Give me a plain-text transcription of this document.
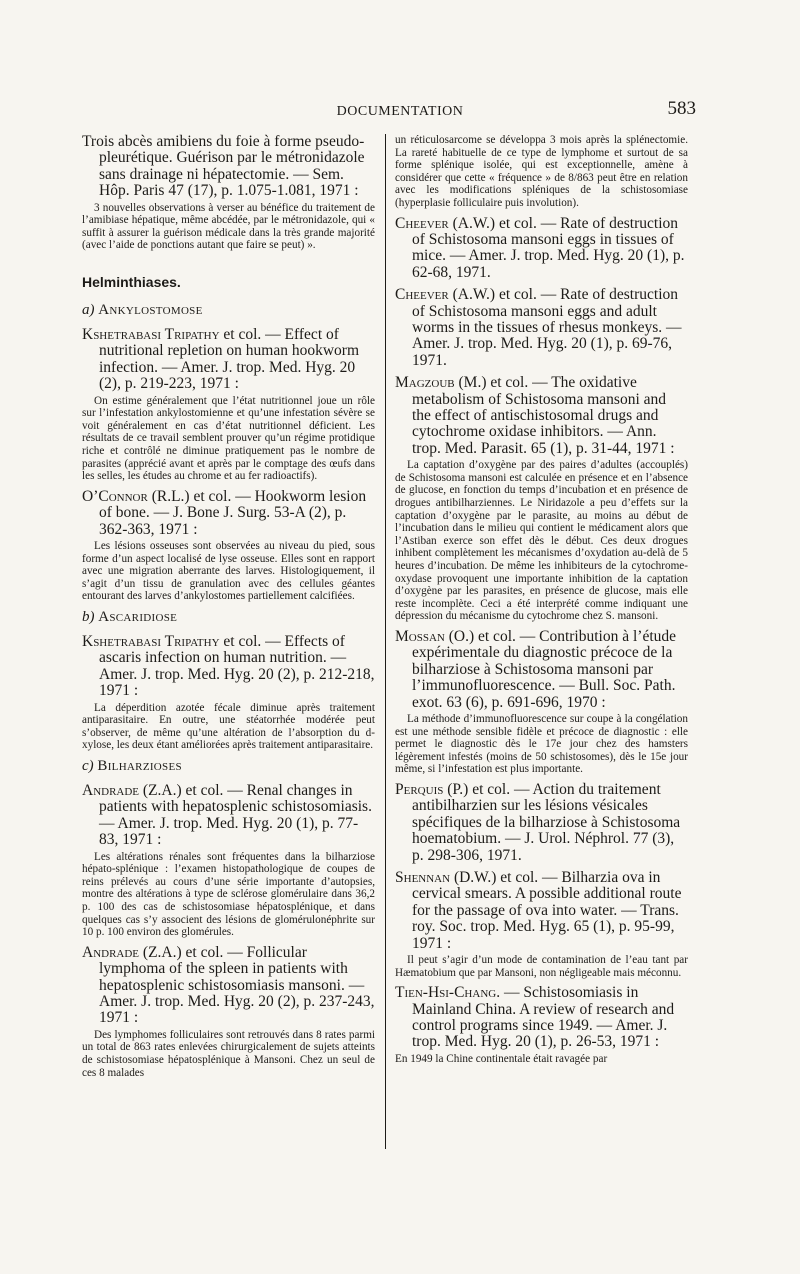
DOCUMENTATION	583

Trois abcès amibiens du foie à forme pseudo-pleurétique. Guérison par le métronidazole sans drainage ni hépatectomie. — Sem. Hôp. Paris 47 (17), p. 1.075-1.081, 1971 :

3 nouvelles observations à verser au bénéfice du traitement de l’amibiase hépatique, même abcédée, par le métronidazole, qui « suffit à assurer la guérison médicale dans la très grande majorité (avec l’aide de ponctions autant que faire se peut) ».

Helminthiases.
a) Ankylostomose

Kshetrabasi Tripathy et col. — Effect of nutritional repletion on human hookworm infection. — Amer. J. trop. Med. Hyg. 20 (2), p. 219-223, 1971 :

On estime généralement que l’état nutritionnel joue un rôle sur l’infestation ankylostomienne et qu’une infestation sévère se voit généralement en cas d’état nutritionnel déficient. Les résultats de ce travail semblent prouver qu’un régime protidique riche et contrôlé ne diminue pratiquement pas le nombre de parasites (apprécié avant et après par le comptage des œufs dans les selles, les études au chrome et au fer radioactifs).

O’Connor (R.L.) et col. — Hookworm lesion of bone. — J. Bone J. Surg. 53-A (2), p. 362-363, 1971 :

Les lésions osseuses sont observées au niveau du pied, sous forme d’un aspect localisé de lyse osseuse. Elles sont en rapport avec une migration aberrante des larves. Histologiquement, il s’agit d’un tissu de granulation avec des cellules géantes entourant des larves d’ankylostomes partiellement calcifiées.

b) Ascaridiose

Kshetrabasi Tripathy et col. — Effects of ascaris infection on human nutrition. — Amer. J. trop. Med. Hyg. 20 (2), p. 212-218, 1971 :

La déperdition azotée fécale diminue après traitement antiparasitaire. En outre, une stéatorrhée modérée peut s’observer, de même qu’une altération de l’absorption du d-xylose, les deux étant améliorées après traitement antiparasitaire.

c) Bilharzioses

Andrade (Z.A.) et col. — Renal changes in patients with hepatosplenic schistosomiasis. — Amer. J. trop. Med. Hyg. 20 (1), p. 77-83, 1971 :

Les altérations rénales sont fréquentes dans la bilharziose hépato-splénique : l’examen histopathologique de coupes de reins prélevés au cours d’une série importante d’autopsies, montre des altérations à type de sclérose glomérulaire dans 36,2 p. 100 des cas de schistosomiase hépatosplénique, et dans quelques cas s’y associent des lésions de glomérulonéphrite sur 10 p. 100 environ des glomérules.

Andrade (Z.A.) et col. — Follicular lymphoma of the spleen in patients with hepatosplenic schistosomiasis mansoni. — Amer. J. trop. Med. Hyg. 20 (2), p. 237-243, 1971 :

Des lymphomes folliculaires sont retrouvés dans 8 rates parmi un total de 863 rates enlevées chirurgicalement de sujets atteints de schistosomiase hépatosplénique à Mansoni. Chez un seul de ces 8 malades

un réticulosarcome se développa 3 mois après la splénectomie. La rareté habituelle de ce type de lymphome et surtout de sa forme splénique isolée, qui est exceptionnelle, amène à considérer que cette « fréquence » de 8/863 peut être en relation avec les modifications spléniques de la schistosomiase (hyperplasie folliculaire puis involution).

Cheever (A.W.) et col. — Rate of destruction of Schistosoma mansoni eggs in tissues of mice. — Amer. J. trop. Med. Hyg. 20 (1), p. 62-68, 1971.

Cheever (A.W.) et col. — Rate of destruction of Schistosoma mansoni eggs and adult worms in the tissues of rhesus monkeys. — Amer. J. trop. Med. Hyg. 20 (1), p. 69-76, 1971.

Magzoub (M.) et col. — The oxidative metabolism of Schistosoma mansoni and the effect of antischistosomal drugs and cytochrome oxidase inhibitors. — Ann. trop. Med. Parasit. 65 (1), p. 31-44, 1971 :

La captation d’oxygène par des paires d’adultes (accouplés) de Schistosoma mansoni est calculée en présence et en l’absence de glucose, en fonction du temps d’incubation et en présence de drogues antibilharziennes. Le Niridazole a peu d’effets sur la captation d’oxygène par le parasite, au moins au début de l’incubation dans le milieu qui contient le médicament alors que l’Astiban exerce son effet dès le début. Ces deux drogues inhibent complètement les mécanismes d’oxydation au-delà de 5 heures d’incubation. De même les inhibiteurs de la cytochrome-oxydase provoquent une importante inhibition de la captation d’oxygène par les parasites, en présence de glucose, mais elle reste incomplète. Ceci a été interprété comme indiquant une dépression du mécanisme du cytochrome chez S. mansoni.

Mossan (O.) et col. — Contribution à l’étude expérimentale du diagnostic précoce de la bilharziose à Schistosoma mansoni par l’immunofluorescence. — Bull. Soc. Path. exot. 63 (6), p. 691-696, 1970 :

La méthode d’immunofluorescence sur coupe à la congélation est une méthode sensible fidèle et précoce de diagnostic : elle permet le diagnostic dès le 17e jour chez des hamsters légèrement infestés (moins de 50 schistosomes), dès le 15e jour même, si l’infestation est plus importante.

Perquis (P.) et col. — Action du traitement antibilharzien sur les lésions vésicales spécifiques de la bilharziose à Schistosoma hoematobium. — J. Urol. Néphrol. 77 (3), p. 298-306, 1971.

Shennan (D.W.) et col. — Bilharzia ova in cervical smears. A possible additional route for the passage of ova into water. — Trans. roy. Soc. trop. Med. Hyg. 65 (1), p. 95-99, 1971 :

Il peut s’agir d’un mode de contamination de l’eau tant par Hæmatobium que par Mansoni, non négligeable mais méconnu.

Tien-Hsi-Chang. — Schistosomiasis in Mainland China. A review of research and control programs since 1949. — Amer. J. trop. Med. Hyg. 20 (1), p. 26-53, 1971 :

En 1949 la Chine continentale était ravagée par
